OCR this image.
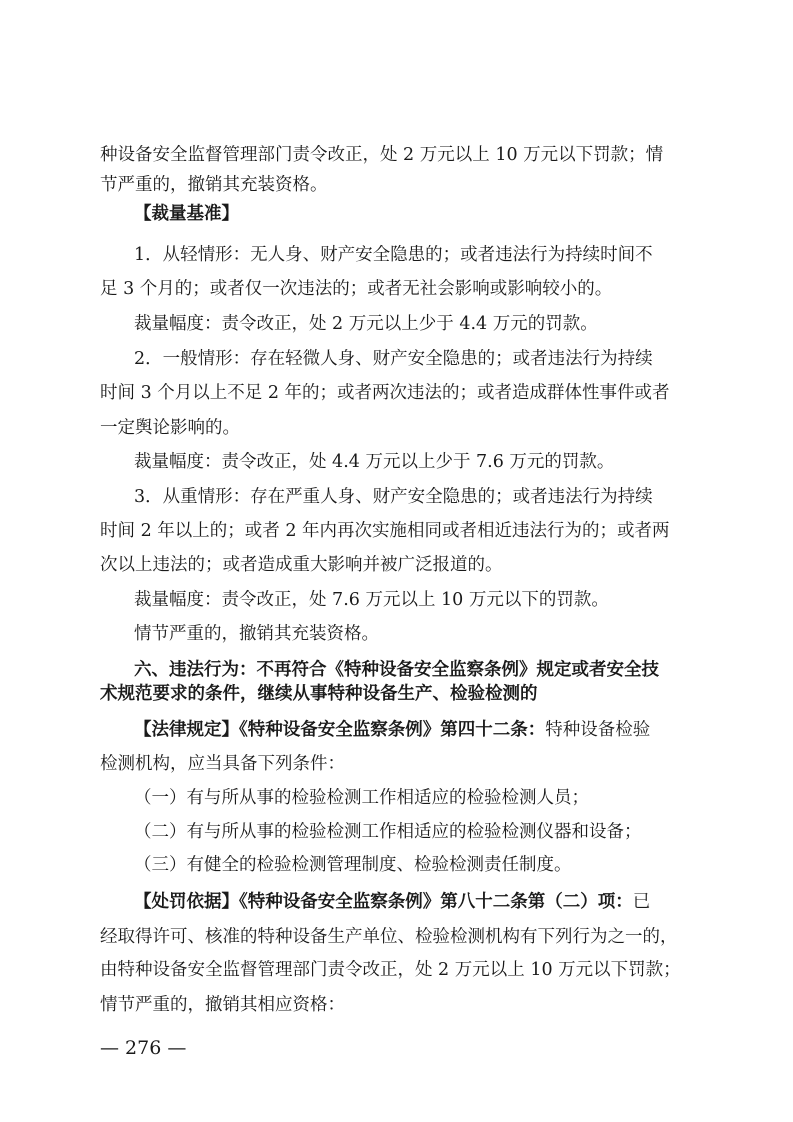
种设备安全监督管理部门责令改正，处 2 万元以上 10 万元以下罚款；情
节严重的，撤销其充装资格。
【裁量基准】
1．从轻情形：无人身、财产安全隐患的；或者违法行为持续时间不
足 3 个月的；或者仅一次违法的；或者无社会影响或影响较小的。
裁量幅度：责令改正，处 2 万元以上少于 4.4 万元的罚款。
2．一般情形：存在轻微人身、财产安全隐患的；或者违法行为持续
时间 3 个月以上不足 2 年的；或者两次违法的；或者造成群体性事件或者
一定舆论影响的。
裁量幅度：责令改正，处 4.4 万元以上少于 7.6 万元的罚款。
3．从重情形：存在严重人身、财产安全隐患的；或者违法行为持续
时间 2 年以上的；或者 2 年内再次实施相同或者相近违法行为的；或者两
次以上违法的；或者造成重大影响并被广泛报道的。
裁量幅度：责令改正，处 7.6 万元以上 10 万元以下的罚款。
情节严重的，撤销其充装资格。
六、违法行为：不再符合《特种设备安全监察条例》规定或者安全技
术规范要求的条件，继续从事特种设备生产、检验检测的
【法律规定】《特种设备安全监察条例》第四十二条：特种设备检验
检测机构，应当具备下列条件：
（一）有与所从事的检验检测工作相适应的检验检测人员；
（二）有与所从事的检验检测工作相适应的检验检测仪器和设备；
（三）有健全的检验检测管理制度、检验检测责任制度。
【处罚依据】《特种设备安全监察条例》第八十二条第（二）项：已
经取得许可、核准的特种设备生产单位、检验检测机构有下列行为之一的，
由特种设备安全监督管理部门责令改正，处 2 万元以上 10 万元以下罚款；
情节严重的，撤销其相应资格：
— 276 —
